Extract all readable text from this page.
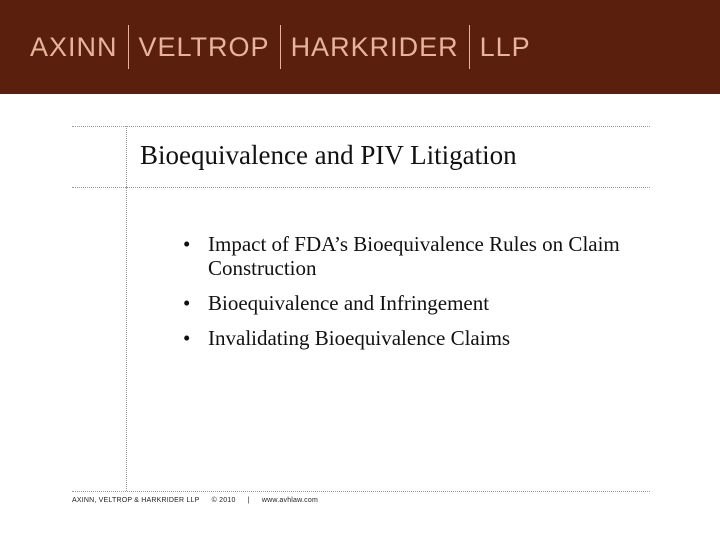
AXINN VELTROP HARKRIDER LLP
Bioequivalence and PIV Litigation
• Impact of FDA’s Bioequivalence Rules on Claim Construction
• Bioequivalence and Infringement
• Invalidating Bioequivalence Claims
AXINN, VELTROP & HARKRIDER LLP © 2010 | www.avhlaw.com
